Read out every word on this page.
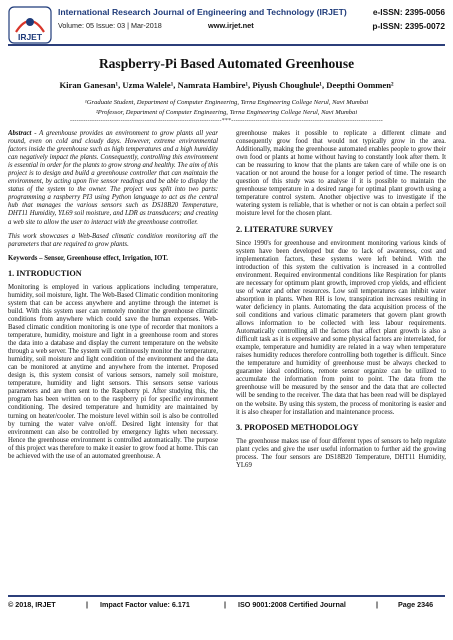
IRJET
International Research Journal of Engineering and Technology (IRJET)	e-ISSN: 2395-0056
Volume: 05 Issue: 03 | Mar-2018	www.irjet.net	p-ISSN: 2395-0072
Raspberry-Pi Based Automated Greenhouse
Kiran Ganesan¹, Uzma Walele¹, Namrata Hambire¹, Piyush Choughule¹, Deepthi Oommen²
¹Graduate Student, Department of Computer Engineering, Terna Engineering College Nerul, Navi Mumbai
²Professor, Department of Computer Engineering, Terna Engineering College Nerul, Navi Mumbai
---------------------------------------------------------------------***---------------------------------------------------------------------

Abstract - A greenhouse provides an environment to grow plants all year round, even on cold and cloudy days. However, extreme environmental factors inside the greenhouse such as high temperatures and a high humidity can negatively impact the plants. Consequently, controlling this environment is essential in order for the plants to grow strong and healthy. The aim of this project is to design and build a greenhouse controller that can maintain the environment, by acting upon live sensor readings and be able to display the status of the system to the owner. The project was split into two parts: programming a raspberry PI3 using Python language to act as the central hub that manages the various sensors such as DS18B20 Temperature, DHT11 Humidity, YL69 soil moisture, and LDR as transducers; and creating a web site to allow the user to interact with the greenhouse controller.

This work showcases a Web-Based climatic condition monitoring all the parameters that are required to grow plants.

Keywords – Sensor, Greenhouse effect, Irrigation, IOT.

1. INTRODUCTION

Monitoring is employed in various applications including temperature, humidity, soil moisture, light. The Web-Based Climatic condition monitoring system that can be access anywhere and anytime through the internet is build. With this system user can remotely monitor the greenhouse climatic conditions from anywhere which could save the human expenses. Web-Based climatic condition monitoring is one type of recorder that monitors a temperature, humidity, moisture and light in a greenhouse room and stores the data into a database and display the current temperature on the website through a web server. The system will continuously monitor the temperature, humidity, soil moisture and light condition of the environment and the data can be monitored at anytime and anywhere from the internet. Proposed design is, this system consist of various sensors, namely soil moisture, temperature, humidity and light sensors. This sensors sense various parameters and are then sent to the Raspberry pi. After studying this, the program has been written on to the raspberry pi for specific environment conditioning. The desired temperature and humidity are maintained by turning on heater/cooler. The moisture level within soil is also be controlled by turning the water valve on/off. Desired light intensity for that environment can also be controlled by emergency lights when necessary. Hence the greenhouse environment is controlled automatically. The purpose of this project was therefore to make it easier to grow food at home. This can be achieved with the use of an automated greenhouse. A

greenhouse makes it possible to replicate a different climate and consequently grow food that would not typically grow in the area. Additionally, making the greenhouse automated enables people to grow their own food or plants at home without having to constantly look after them. It can be reassuring to know that the plants are taken care of while one is on vacation or not around the house for a longer period of time. The research question of this study was to analyse if it is possible to maintain the greenhouse temperature in a desired range for optimal plant growth using a temperature control system. Another objective was to investigate if the watering system is reliable, that is whether or not is can obtain a perfect soil moisture level for the chosen plant.

2. LITERATURE SURVEY

Since 1990's for greenhouse and environment monitoring various kinds of system have been developed but due to lack of awareness, cost and implementation factors, these systems were left behind. With the introduction of this system the cultivation is increased in a controlled environment. Required environmental conditions like Respiration for plants are necessary for optimum plant growth, improved crop yields, and efficient use of water and other resources. Low soil temperatures can inhibit water absorption in plants. When RH is low, transpiration increases resulting in water deficiency in plants. Automating the data acquisition process of the soil conditions and various climatic parameters that govern plant growth allows information to be collected with less labour requirements. Automatically controlling all the factors that affect plant growth is also a difficult task as it is expensive and some physical factors are interrelated, for example, temperature and humidity are related in a way when temperature raises humidity reduces therefore controlling both together is difficult. Since the temperature and humidity of greenhouse must be always checked to guarantee ideal conditions, remote sensor organize can be utilized to accumulate the information from point to point. The data from the greenhouse will be measured by the sensor and the data that are collected will be sending to the receiver. The data that has been read will be displayed on the website. By using this system, the process of monitoring is easier and it is also cheaper for installation and maintenance process.

3. PROPOSED METHODOLOGY

The greenhouse makes use of four different types of sensors to help regulate plant cycles and give the user useful information to further aid the growing process. The four sensors are DS18B20 Temperature, DHT11 Humidity, YL69

© 2018, IRJET	| Impact Factor value: 6.171	| ISO 9001:2008 Certified Journal	|	Page 2346
